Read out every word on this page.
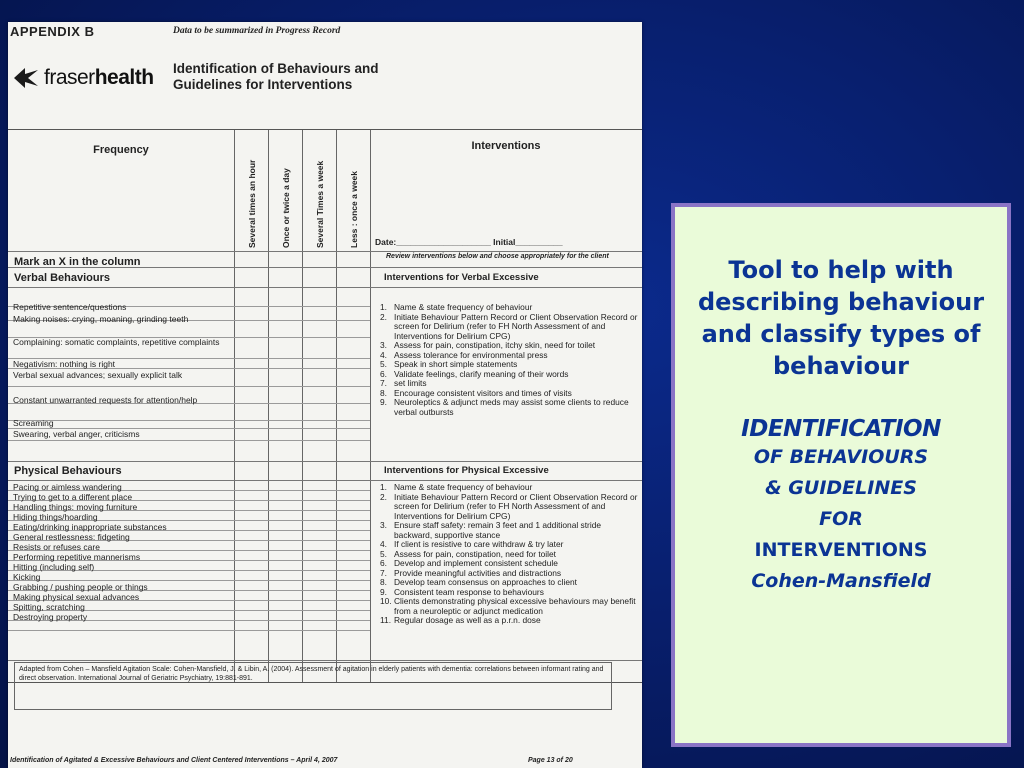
APPENDIX B	Data to be summarized in Progress Record
fraserhealth Identification of Behaviours and
Guidelines for Interventions
Frequency
Several times an hour	Once or twice a day	Several Times a week	Less : once a week
Interventions
Date:____________________ Initial__________
Mark an X in the column	Review interventions below and choose appropriately for the client
Verbal Behaviours	Interventions for Verbal Excessive
Repetitive sentence/questions
Making noises: crying, moaning, grinding teeth
Complaining: somatic complaints, repetitive complaints
Negativism: nothing is right
Verbal sexual advances; sexually explicit talk
Constant unwarranted requests for attention/help
Screaming
Swearing, verbal anger, criticisms
1. Name & state frequency of behaviour
2. Initiate Behaviour Pattern Record or Client Observation Record or screen for Delirium (refer to FH North Assessment of and Interventions for Delirium CPG)
3. Assess for pain, constipation, itchy skin, need for toilet
4. Assess tolerance for environmental press
5. Speak in short simple statements
6. Validate feelings, clarify meaning of their words
7. set limits
8. Encourage consistent visitors and times of visits
9. Neuroleptics & adjunct meds may assist some clients to reduce verbal outbursts
Physical Behaviours	Interventions for Physical Excessive
Pacing or aimless wandering
Trying to get to a different place
Handling things: moving furniture
Hiding things/hoarding
Eating/drinking inappropriate substances
General restlessness: fidgeting
Resists or refuses care
Performing repetitive mannerisms
Hitting (including self)
Kicking
Grabbing / pushing people or things
Making physical sexual advances
Spitting, scratching
Destroying property
1. Name & state frequency of behaviour
2. Initiate Behaviour Pattern Record or Client Observation Record or screen for Delirium (refer to FH North Assessment of and Interventions for Delirium CPG)
3. Ensure staff safety: remain 3 feet and 1 additional stride backward, supportive stance
4. If client is resistive to care withdraw & try later
5. Assess for pain, constipation, need for toilet
6. Develop and implement consistent schedule
7. Provide meaningful activities and distractions
8. Develop team consensus on approaches to client
9. Consistent team response to behaviours
10. Clients demonstrating physical excessive behaviours may benefit from a neuroleptic or adjunct medication
11. Regular dosage as well as a p.r.n. dose
Adapted from Cohen – Mansfield Agitation Scale: Cohen-Mansfield, J. & Libin, A. (2004). Assessment of agitation in elderly patients with dementia: correlations between informant rating and direct observation. International Journal of Geriatric Psychiatry, 19:881-891.
Identification of Agitated & Excessive Behaviours and Client Centered Interventions – April 4, 2007	Page 13 of 20
Tool to help with describing behaviour and classify types of behaviour
IDENTIFICATION
OF BEHAVIOURS
& GUIDELINES
FOR
INTERVENTIONS
Cohen-Mansfield
